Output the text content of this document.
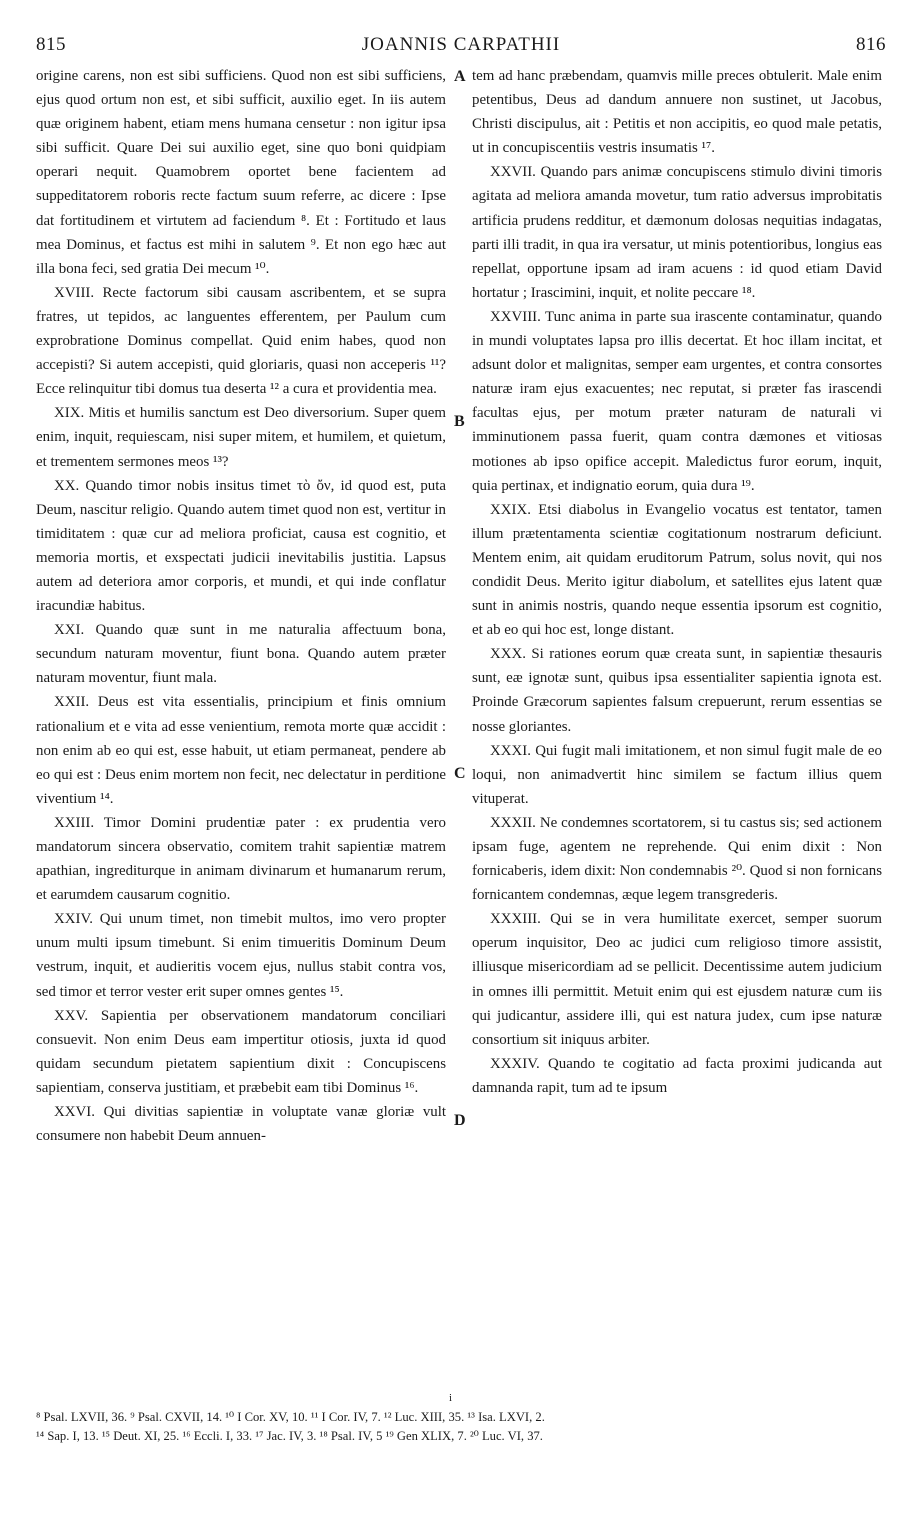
815	JOANNIS CARPATHII	816

origine carens, non est sibi sufficiens. Quod non est sibi sufficiens, ejus quod ortum non est, et sibi sufficit, auxilio eget. In iis autem quæ originem habent, etiam mens humana censetur : non igitur ipsa sibi sufficit. Quare Dei sui auxilio eget, sine quo boni quidpiam operari nequit. Quamobrem oportet bene facientem ad suppeditatorem roboris recte factum suum referre, ac dicere : Ipse dat fortitudinem et virtutem ad faciendum ⁸. Et : Fortitudo et laus mea Dominus, et factus est mihi in salutem ⁹. Et non ego hæc aut illa bona feci, sed gratia Dei mecum ¹⁰.

XVIII. Recte factorum sibi causam ascribentem, et se supra fratres, ut tepidos, ac languentes efferentem, per Paulum cum exprobratione Dominus compellat. Quid enim habes, quod non accepisti? Si autem accepisti, quid gloriaris, quasi non acceperis ¹¹? Ecce relinquitur tibi domus tua deserta ¹² a cura et providentia mea.

XIX. Mitis et humilis sanctum est Deo diversorium. Super quem enim, inquit, requiescam, nisi super mitem, et humilem, et quietum, et trementem sermones meos ¹³?

XX. Quando timor nobis insitus timet τὸ ὄν, id quod est, puta Deum, nascitur religio. Quando autem timet quod non est, vertitur in timiditatem : quæ cur ad meliora proficiat, causa est cognitio, et memoria mortis, et exspectati judicii inevitabilis justitia. Lapsus autem ad deteriora amor corporis, et mundi, et qui inde conflatur iracundiæ habitus.

XXI. Quando quæ sunt in me naturalia affectuum bona, secundum naturam moventur, fiunt bona. Quando autem præter naturam moventur, fiunt mala.

XXII. Deus est vita essentialis, principium et finis omnium rationalium et e vita ad esse venientium, remota morte quæ accidit : non enim ab eo qui est, esse habuit, ut etiam permaneat, pendere ab eo qui est : Deus enim mortem non fecit, nec delectatur in perditione viventium ¹⁴.

XXIII. Timor Domini prudentiæ pater : ex prudentia vero mandatorum sincera observatio, comitem trahit sapientiæ matrem apathian, ingrediturque in animam divinarum et humanarum rerum, et earumdem causarum cognitio.

XXIV. Qui unum timet, non timebit multos, imo vero propter unum multi ipsum timebunt. Si enim timueritis Dominum Deum vestrum, inquit, et audieritis vocem ejus, nullus stabit contra vos, sed timor et terror vester erit super omnes gentes ¹⁵.

XXV. Sapientia per observationem mandatorum conciliari consuevit. Non enim Deus eam impertitur otiosis, juxta id quod quidam secundum pietatem sapientium dixit : Concupiscens sapientiam, conserva justitiam, et præbebit eam tibi Dominus ¹⁶.

XXVI. Qui divitias sapientiæ in voluptate vanæ gloriæ vult consumere non habebit Deum annuen-

A
B
C
D

tem ad hanc præbendam, quamvis mille preces obtulerit. Male enim petentibus, Deus ad dandum annuere non sustinet, ut Jacobus, Christi discipulus, ait : Petitis et non accipitis, eo quod male petatis, ut in concupiscentiis vestris insumatis ¹⁷.

XXVII. Quando pars animæ concupiscens stimulo divini timoris agitata ad meliora amanda movetur, tum ratio adversus improbitatis artificia prudens redditur, et dæmonum dolosas nequitias indagatas, parti illi tradit, in qua ira versatur, ut minis potentioribus, longius eas repellat, opportune ipsam ad iram acuens : id quod etiam David hortatur ; Irascimini, inquit, et nolite peccare ¹⁸.

XXVIII. Tunc anima in parte sua irascente contaminatur, quando in mundi voluptates lapsa pro illis decertat. Et hoc illam incitat, et adsunt dolor et malignitas, semper eam urgentes, et contra consortes naturæ iram ejus exacuentes; nec reputat, si præter fas irascendi facultas ejus, per motum præter naturam de naturali vi imminutionem passa fuerit, quam contra dæmones et vitiosas motiones ab ipso opifice accepit. Maledictus furor eorum, inquit, quia pertinax, et indignatio eorum, quia dura ¹⁹.

XXIX. Etsi diabolus in Evangelio vocatus est tentator, tamen illum prætentamenta scientiæ cogitationum nostrarum deficiunt. Mentem enim, ait quidam eruditorum Patrum, solus novit, qui nos condidit Deus. Merito igitur diabolum, et satellites ejus latent quæ sunt in animis nostris, quando neque essentia ipsorum est cognitio, et ab eo qui hoc est, longe distant.

XXX. Si rationes eorum quæ creata sunt, in sapientiæ thesauris sunt, eæ ignotæ sunt, quibus ipsa essentialiter sapientia ignota est. Proinde Græcorum sapientes falsum crepuerunt, rerum essentias se nosse gloriantes.

XXXI. Qui fugit mali imitationem, et non simul fugit male de eo loqui, non animadvertit hinc similem se factum illius quem vituperat.

XXXII. Ne condemnes scortatorem, si tu castus sis; sed actionem ipsam fuge, agentem ne reprehende. Qui enim dixit : Non fornicaberis, idem dixit: Non condemnabis ²⁰. Quod si non fornicans fornicantem condemnas, æque legem transgrederis.

XXXIII. Qui se in vera humilitate exercet, semper suorum operum inquisitor, Deo ac judici cum religioso timore assistit, illiusque misericordiam ad se pellicit. Decentissime autem judicium in omnes illi permittit. Metuit enim qui est ejusdem naturæ cum iis qui judicantur, assidere illi, qui est natura judex, cum ipse naturæ consortium sit iniquus arbiter.

XXXIV. Quando te cogitatio ad facta proximi judicanda aut damnanda rapit, tum ad te ipsum

i
⁸ Psal. LXVII, 36. ⁹ Psal. CXVII, 14. ¹⁰ I Cor. XV, 10. ¹¹ I Cor. IV, 7. ¹² Luc. XIII, 35. ¹³ Isa. LXVI, 2.
¹⁴ Sap. I, 13. ¹⁵ Deut. XI, 25. ¹⁶ Eccli. I, 33. ¹⁷ Jac. IV, 3. ¹⁸ Psal. IV, 5 ¹⁹ Gen XLIX, 7. ²⁰ Luc. VI, 37.
